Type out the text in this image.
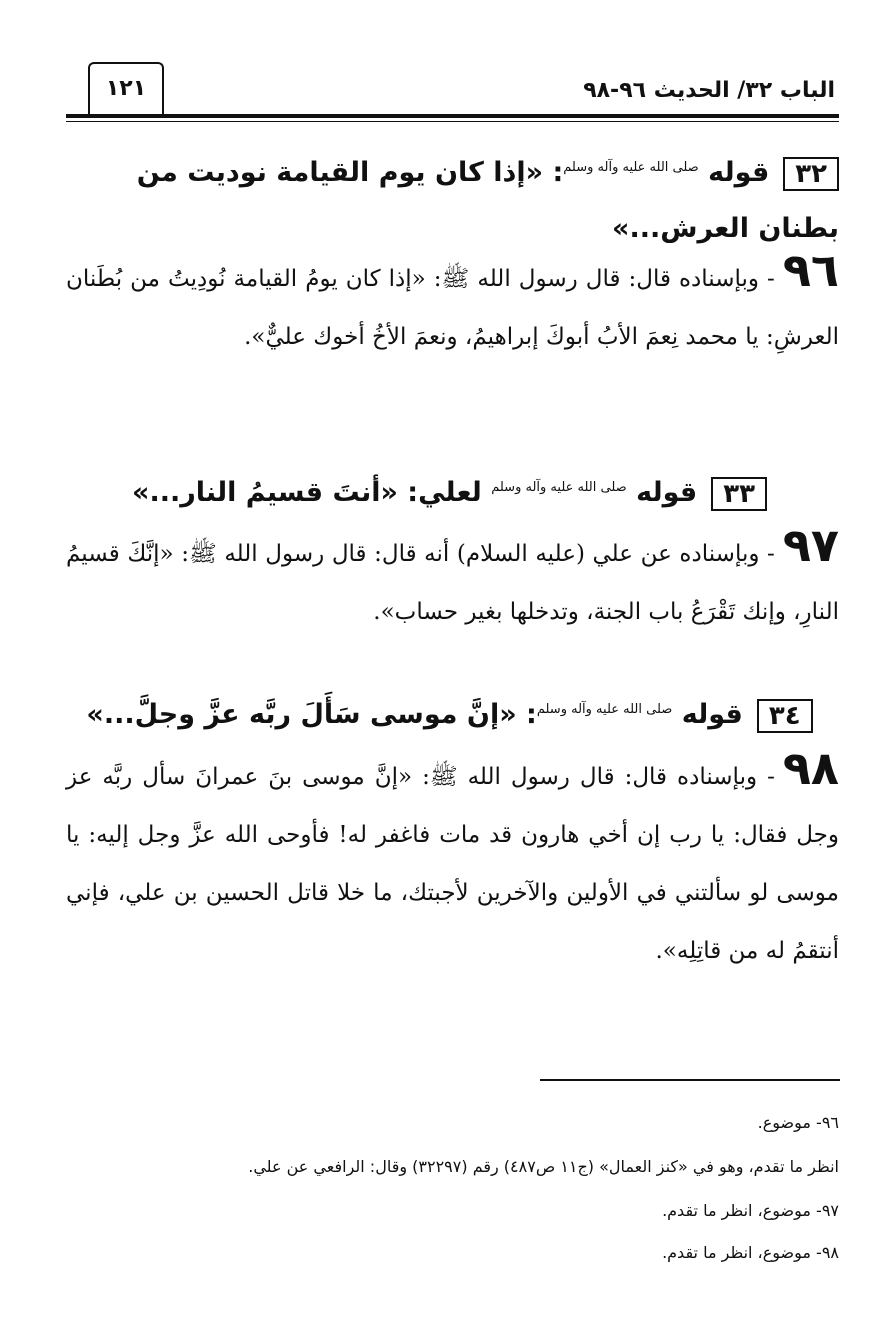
الباب ٣٢/ الحديث ٩٦-٩٨
١٢١
٣٢قوله $^{صلى الله عليه وآله وسلم}$: «إذا كان يوم القيامة نوديت من بطنان العرش...»
٩٦- وبإسناده قال: قال رسول الله ﷺ: «إذا كان يومُ القيامة نُودِيتُ من بُطَنان العرشِ: يا محمد نِعمَ الأبُ أبوكَ إبراهيمُ، ونعمَ الأخُ أخوك عليٌّ».
٣٣قوله $^{صلى الله عليه وآله وسلم}$ لعلي: «أنتَ قسيمُ النار...»
٩٧- وبإسناده عن علي (عليه السلام) أنه قال: قال رسول الله ﷺ: «إنَّكَ قسيمُ النارِ، وإنك تَقْرَعُ باب الجنة، وتدخلها بغير حساب».
٣٤قوله $^{صلى الله عليه وآله وسلم}$: «إنَّ موسى سَأَلَ ربَّه عزَّ وجلَّ...»
٩٨- وبإسناده قال: قال رسول الله ﷺ: «إنَّ موسى بنَ عمرانَ سأل ربَّه عز وجل فقال: يا رب إن أخي هارون قد مات فاغفر له! فأوحى الله عزَّ وجل إليه: يا موسى لو سألتني في الأولين والآخرين لأجبتك، ما خلا قاتل الحسين بن علي، فإني أنتقمُ له من قاتِلِه».
٩٦- موضوع.
انظر ما تقدم، وهو في «كنز العمال» (ج١١ ص٤٨٧) رقم (٣٢٢٩٧) وقال: الرافعي عن علي.
٩٧- موضوع، انظر ما تقدم.
٩٨- موضوع، انظر ما تقدم.
